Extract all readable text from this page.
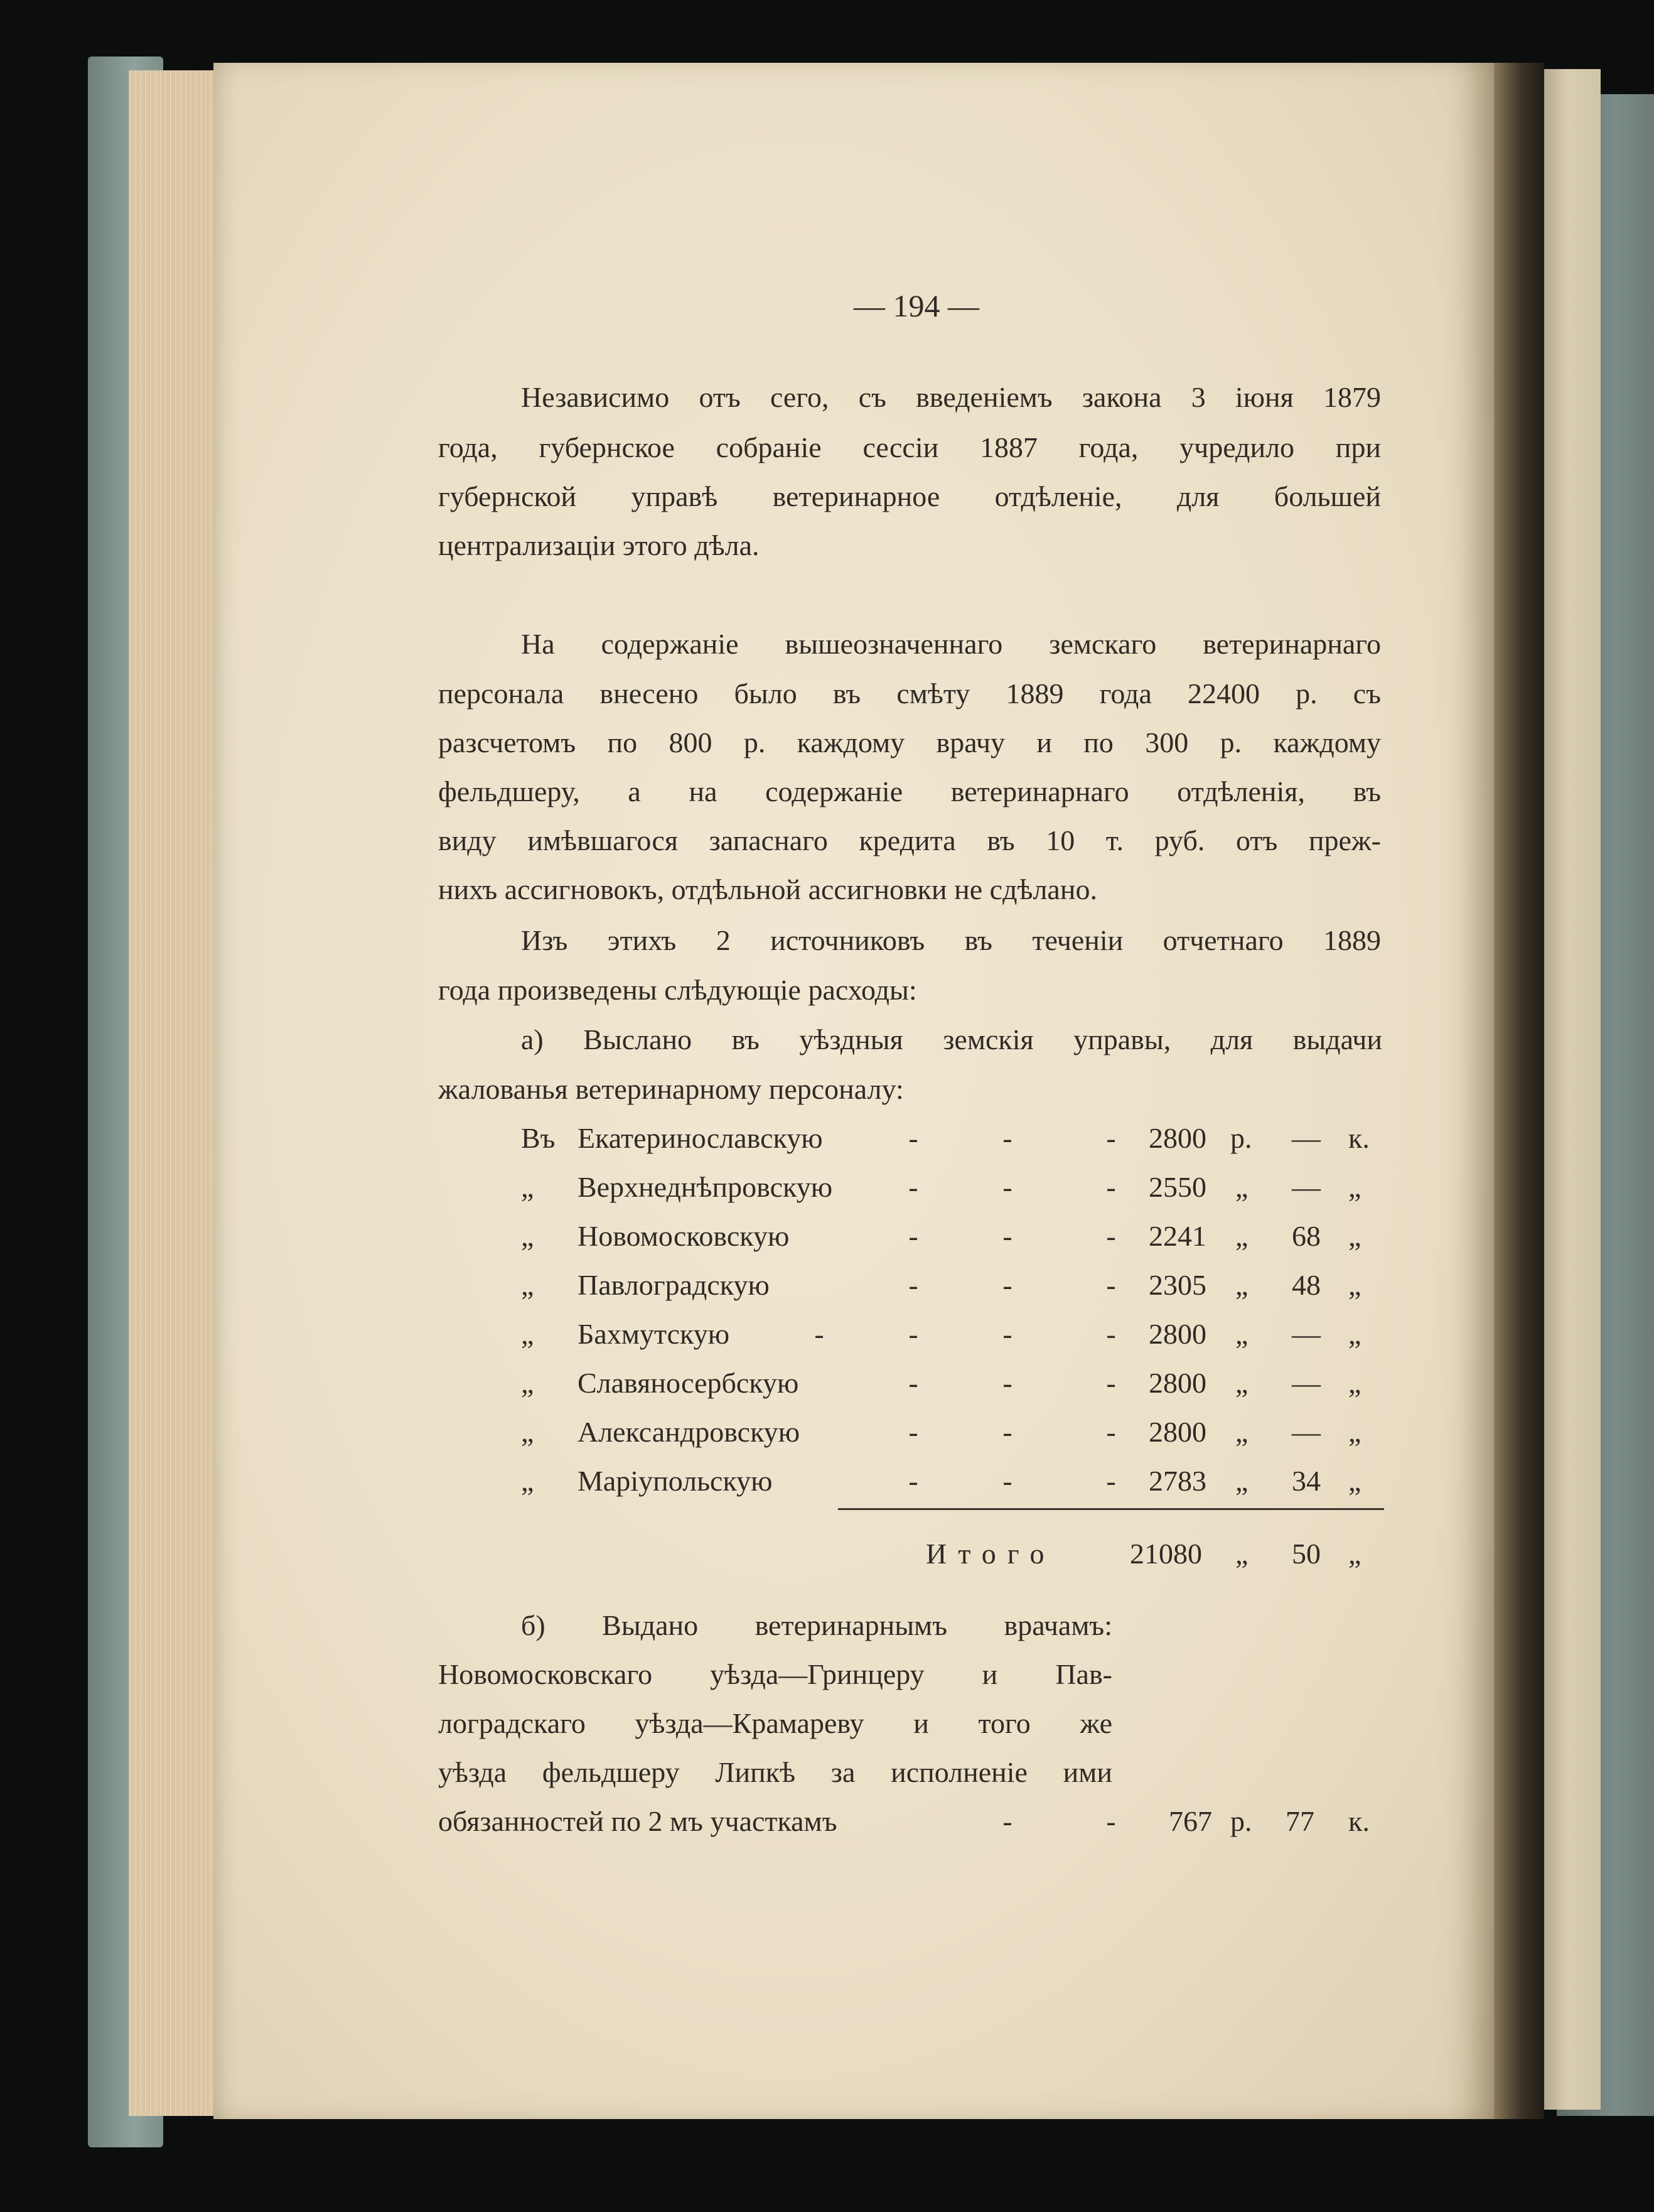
— 194 —
Независимо отъ сего, съ введеніемъ закона 3 іюня 1879
года, губернское собраніе сессіи 1887 года, учредило при
губернской управѣ ветеринарное отдѣленіе, для большей
централизаціи этого дѣла.
На содержаніе вышеозначеннаго земскаго ветеринарнаго
персонала внесено было въ смѣту 1889 года 22400 р. съ
разсчетомъ по 800 р. каждому врачу и по 300 р. каждому
фельдшеру, а на содержаніе ветеринарнаго отдѣленія, въ
виду имѣвшагося запаснаго кредита въ 10 т. руб. отъ преж-
нихъ ассигновокъ, отдѣльной ассигновки не сдѣлано.
Изъ этихъ 2 источниковъ въ теченіи отчетнаго 1889
года произведены слѣдующіе расходы:
а) Выслано въ уѣздныя земскія управы, для выдачи
жалованья ветеринарному персоналу:
Въ Екатеринославскую	-	-	- 2800 р. — к.
„ Верхнеднѣпровскую	-	-	- 2550 „ — „
„ Новомосковскую	-	-	- 2241 „ 68 „
„ Павлоградскую	-	-	- 2305 „ 48 „
„ Бахмутскую	-	-	-	- 2800 „ — „
„ Славяносербскую	-	-	- 2800 „ — „
„ Александровскую	-	-	- 2800 „ — „
„ Маріупольскую	-	-	- 2783 „ 34 „
Итого	21080 „ 50 „
б) Выдано ветеринарнымъ врачамъ:
Новомосковскаго уѣзда—Гринцеру и Пав-
лоградскаго уѣзда—Крамареву и того же
уѣзда фельдшеру Липкѣ за исполненіе ими
обязанностей по 2 мъ участкамъ	-	- 767 р. 77 к.
